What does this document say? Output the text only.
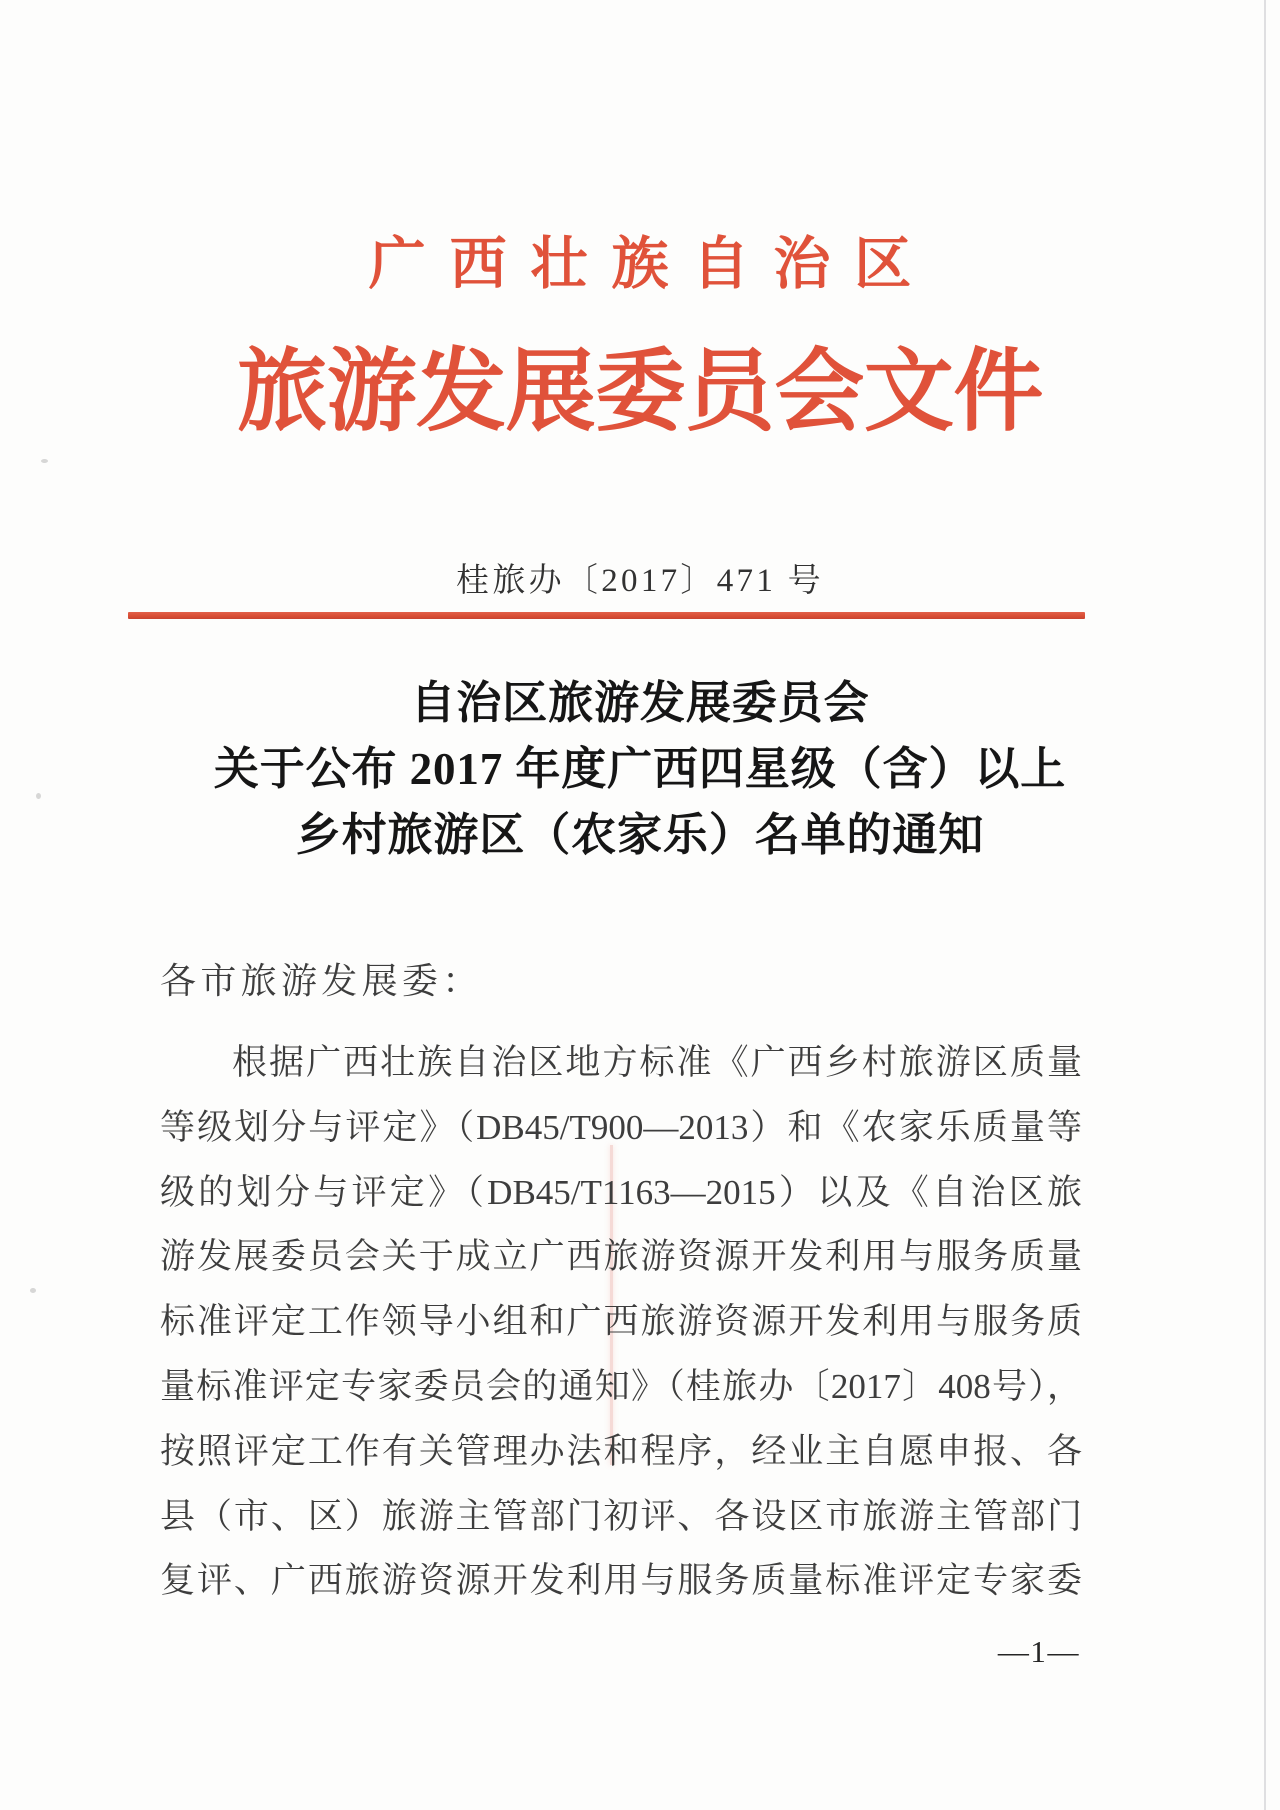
广西壮族自治区
旅游发展委员会文件
桂旅办〔2017〕471 号
自治区旅游发展委员会
关于公布 2017 年度广西四星级（含）以上
乡村旅游区（农家乐）名单的通知

各市旅游发展委：

根据广西壮族自治区地方标准《广西乡村旅游区质量
等级划分与评定》（DB45/T900—2013）和《农家乐质量等
级的划分与评定》（DB45/T1163—2015）以及《自治区旅
游发展委员会关于成立广西旅游资源开发利用与服务质量
标准评定工作领导小组和广西旅游资源开发利用与服务质
量标准评定专家委员会的通知》（桂旅办〔2017〕408号），
按照评定工作有关管理办法和程序，经业主自愿申报、各
县（市、区）旅游主管部门初评、各设区市旅游主管部门
复评、广西旅游资源开发利用与服务质量标准评定专家委
—1—
